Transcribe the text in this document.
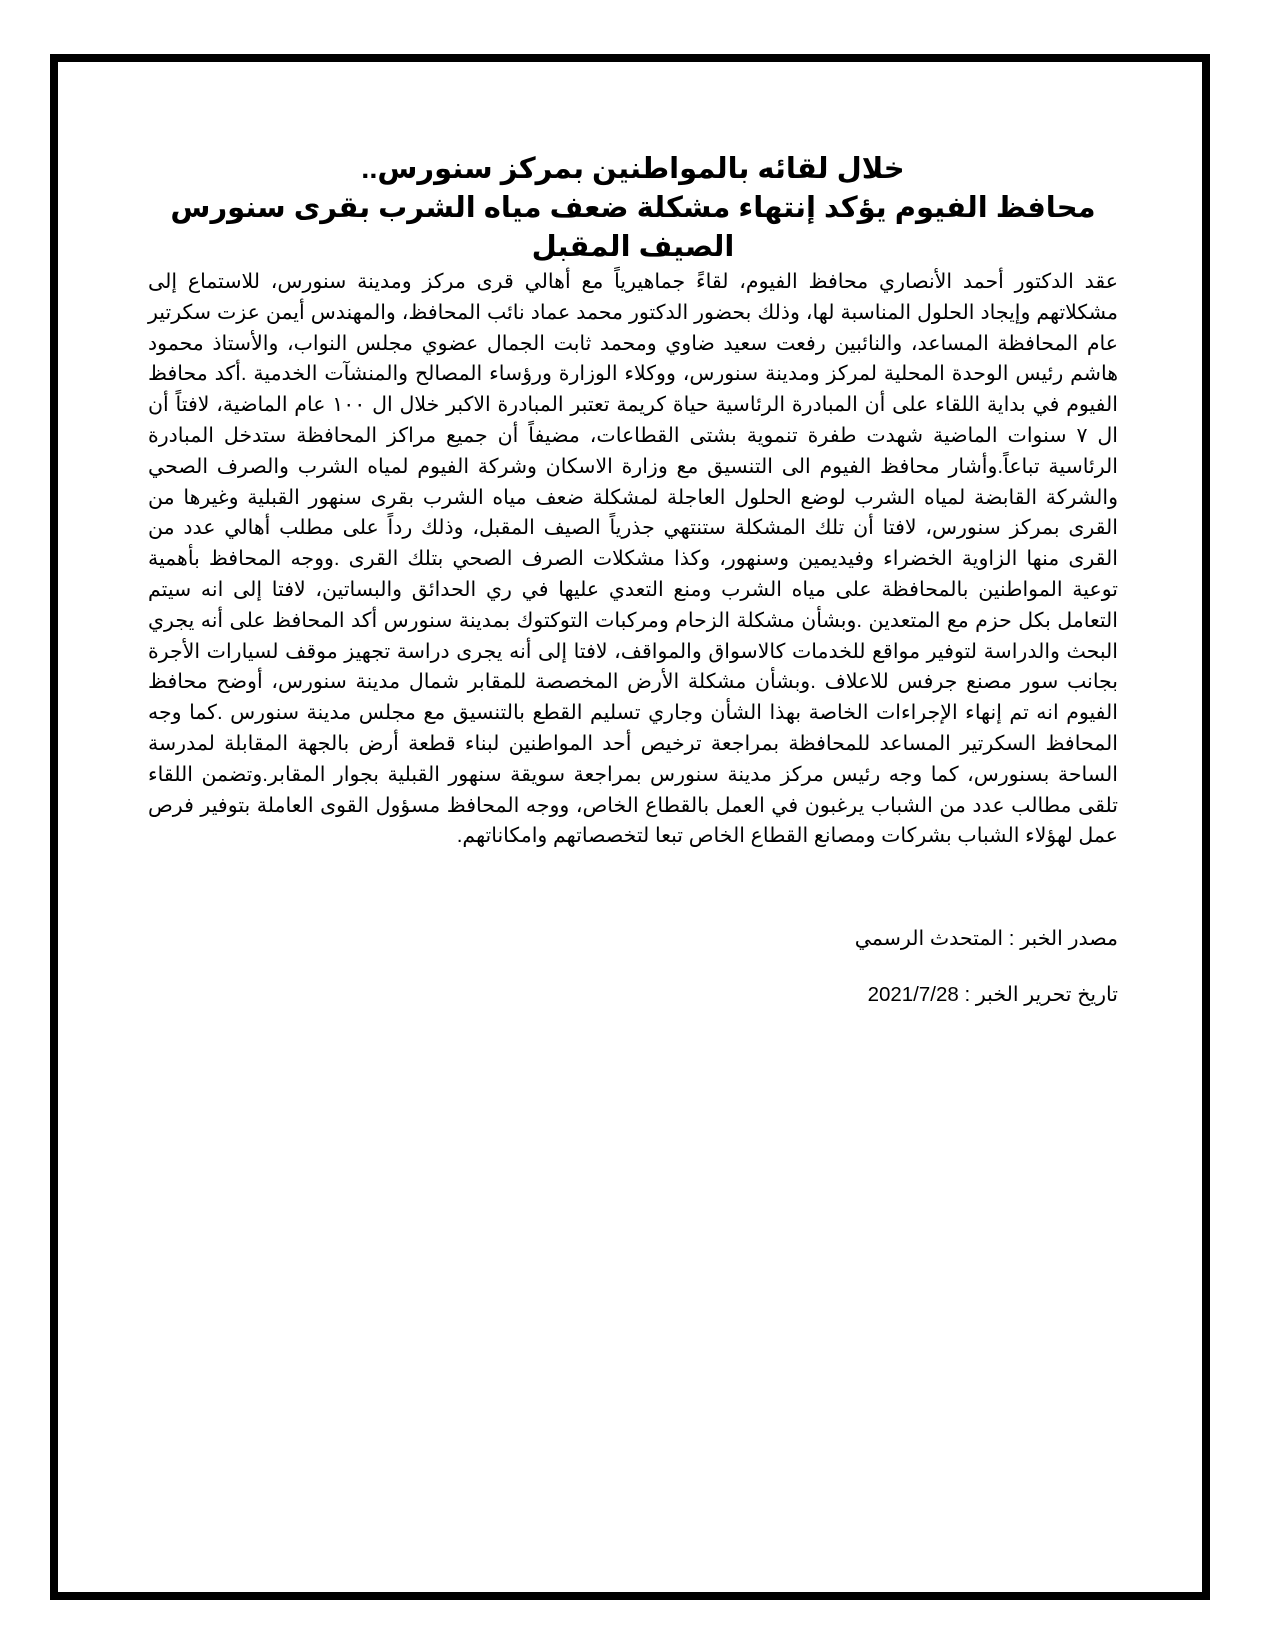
خلال لقائه بالمواطنين بمركز سنورس..
محافظ الفيوم يؤكد إنتهاء مشكلة ضعف مياه الشرب بقرى سنورس الصيف المقبل

عقد الدكتور أحمد الأنصاري محافظ الفيوم، لقاءً جماهيرياً مع أهالي قرى مركز ومدينة سنورس، للاستماع إلى مشكلاتهم وإيجاد الحلول المناسبة لها، وذلك بحضور الدكتور محمد عماد نائب المحافظ، والمهندس أيمن عزت سكرتير عام المحافظة المساعد، والنائبين رفعت سعيد ضاوي ومحمد ثابت الجمال عضوي مجلس النواب، والأستاذ محمود هاشم رئيس الوحدة المحلية لمركز ومدينة سنورس، ووكلاء الوزارة ورؤساء المصالح والمنشآت الخدمية .أكد محافظ الفيوم في بداية اللقاء على أن المبادرة الرئاسية حياة كريمة تعتبر المبادرة الاكبر خلال ال ١٠٠ عام الماضية، لافتاً أن ال ٧ سنوات الماضية شهدت طفرة تنموية بشتى القطاعات، مضيفاً أن جميع مراكز المحافظة ستدخل المبادرة الرئاسية تباعاً.وأشار محافظ الفيوم الى التنسيق مع وزارة الاسكان وشركة الفيوم لمياه الشرب والصرف الصحي والشركة القابضة لمياه الشرب لوضع الحلول العاجلة لمشكلة ضعف مياه الشرب بقرى سنهور القبلية وغيرها من القرى بمركز سنورس، لافتا أن تلك المشكلة ستنتهي جذرياً الصيف المقبل، وذلك رداً على مطلب أهالي عدد من القرى منها الزاوية الخضراء وفيديمين وسنهور، وكذا مشكلات الصرف الصحي بتلك القرى .ووجه المحافظ بأهمية توعية المواطنين بالمحافظة على مياه الشرب ومنع التعدي عليها في ري الحدائق والبساتين، لافتا إلى انه سيتم التعامل بكل حزم مع المتعدين .وبشأن مشكلة الزحام ومركبات التوكتوك بمدينة سنورس أكد المحافظ على أنه يجري البحث والدراسة لتوفير مواقع للخدمات كالاسواق والمواقف، لافتا إلى أنه يجرى دراسة تجهيز موقف لسيارات الأجرة بجانب سور مصنع جرفس للاعلاف .وبشأن مشكلة الأرض المخصصة للمقابر شمال مدينة سنورس، أوضح محافظ الفيوم انه تم إنهاء الإجراءات الخاصة بهذا الشأن وجاري تسليم القطع بالتنسيق مع مجلس مدينة سنورس .كما وجه المحافظ السكرتير المساعد للمحافظة بمراجعة ترخيص أحد المواطنين لبناء قطعة أرض بالجهة المقابلة لمدرسة الساحة بسنورس، كما وجه رئيس مركز مدينة سنورس بمراجعة سويقة سنهور القبلية بجوار المقابر.وتضمن اللقاء تلقى مطالب عدد من الشباب يرغبون في العمل بالقطاع الخاص، ووجه المحافظ مسؤول القوى العاملة بتوفير فرص عمل لهؤلاء الشباب بشركات ومصانع القطاع الخاص تبعا لتخصصاتهم وامكاناتهم.

مصدر الخبر : المتحدث الرسمي

تاريخ تحرير الخبر : 2021/7/28
